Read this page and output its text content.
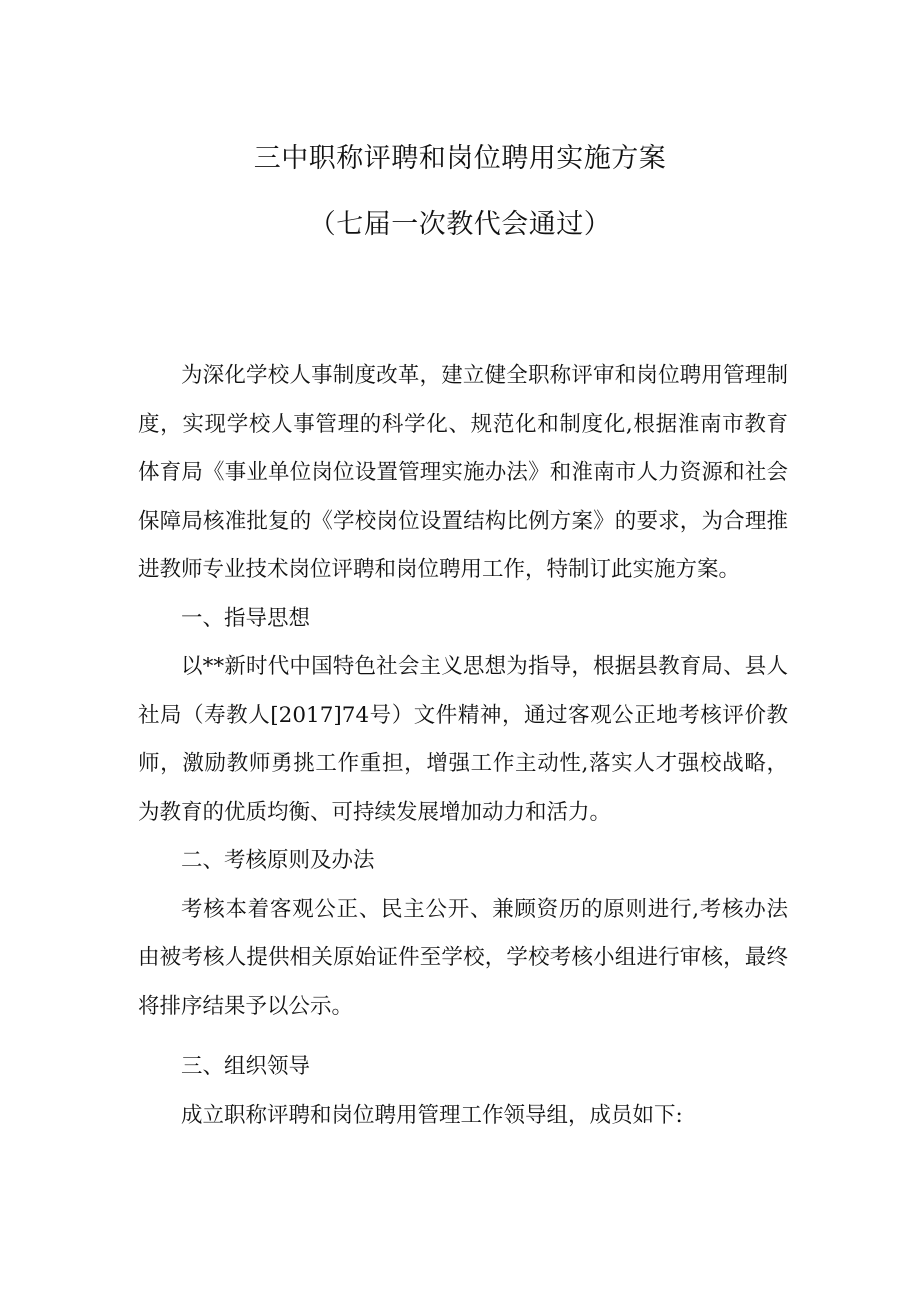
三中职称评聘和岗位聘用实施方案
（七届一次教代会通过）

为深化学校人事制度改革，建立健全职称评审和岗位聘用管理制度，实现学校人事管理的科学化、规范化和制度化,根据淮南市教育体育局《事业单位岗位设置管理实施办法》和淮南市人力资源和社会保障局核准批复的《学校岗位设置结构比例方案》的要求，为合理推进教师专业技术岗位评聘和岗位聘用工作，特制订此实施方案。

一、指导思想

以**新时代中国特色社会主义思想为指导，根据县教育局、县人社局（寿教人[2017]74号）文件精神，通过客观公正地考核评价教师，激励教师勇挑工作重担，增强工作主动性,落实人才强校战略，为教育的优质均衡、可持续发展增加动力和活力。

二、考核原则及办法

考核本着客观公正、民主公开、兼顾资历的原则进行,考核办法由被考核人提供相关原始证件至学校，学校考核小组进行审核，最终将排序结果予以公示。

三、组织领导

成立职称评聘和岗位聘用管理工作领导组，成员如下:
